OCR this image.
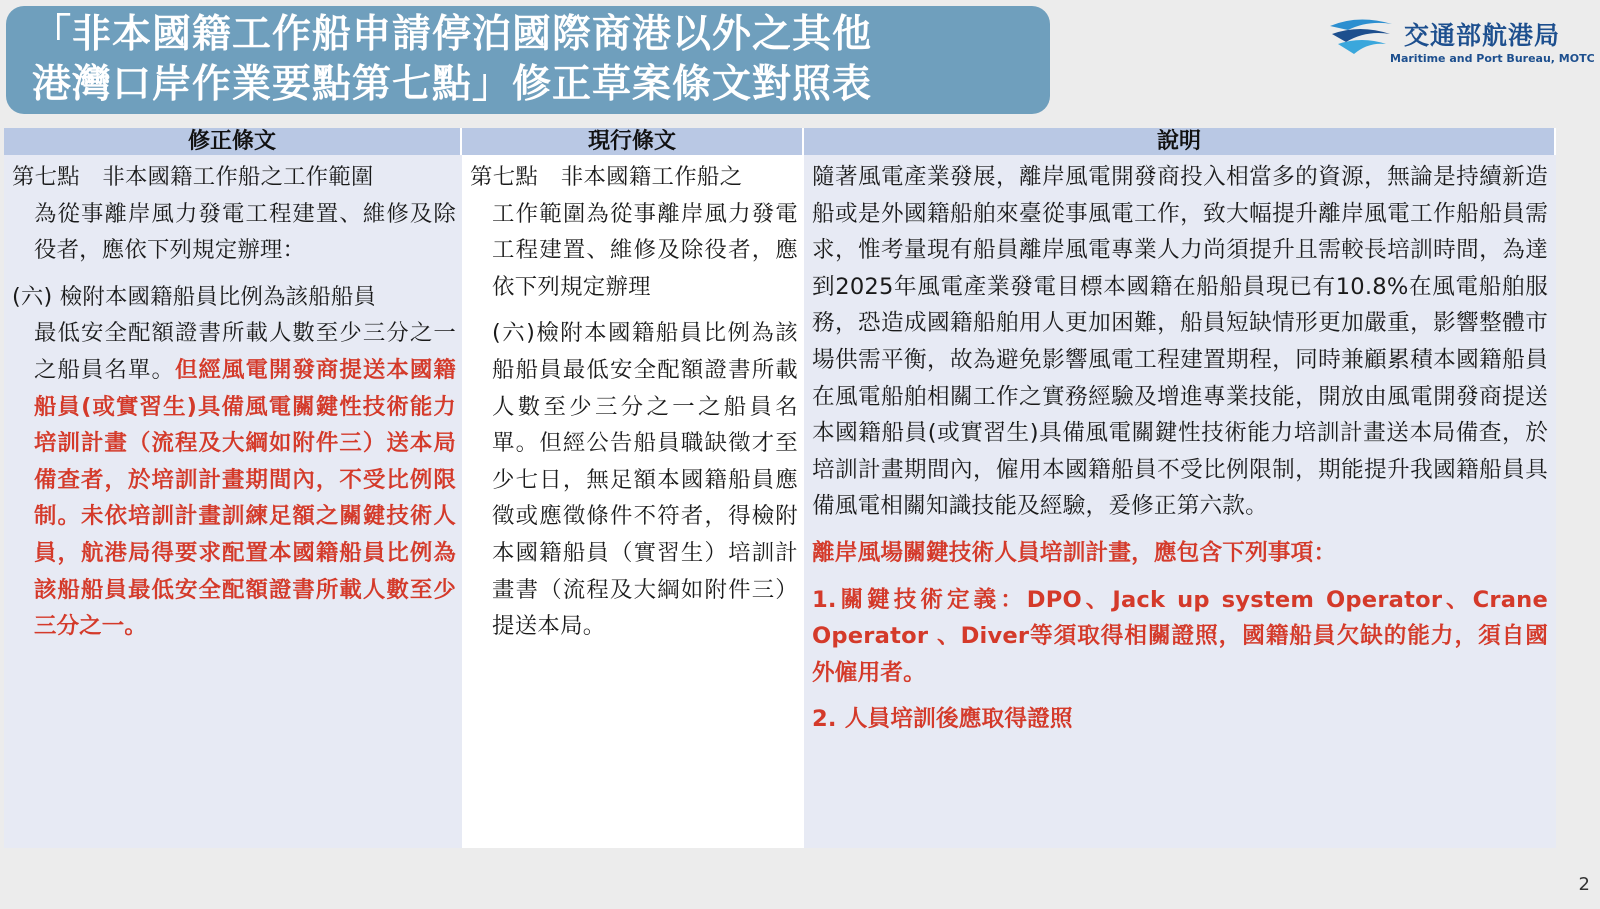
「非本國籍工作船申請停泊國際商港以外之其他
港灣口岸作業要點第七點」修正草案條文對照表
交通部航港局
Maritime and Port Bureau, MOTC
修正條文
第七點　非本國籍工作船之工作範圍
為從事離岸風力發電工程建置、維修及除役者，應依下列規定辦理：
(六) 檢附本國籍船員比例為該船船員
最低安全配額證書所載人數至少三分之一之船員名單。但經風電開發商提送本國籍船員(或實習生)具備風電關鍵性技術能力培訓計畫（流程及大綱如附件三）送本局備查者，於培訓計畫期間內，不受比例限制。未依培訓計畫訓練足額之關鍵技術人員，航港局得要求配置本國籍船員比例為該船船員最低安全配額證書所載人數至少三分之一。
現行條文
第七點　非本國籍工作船之
工作範圍為從事離岸風力發電工程建置、維修及除役者，應依下列規定辦理
(六)檢附本國籍船員比例為該船船員最低安全配額證書所載人數至少三分之一之船員名單。但經公告船員職缺徵才至少七日，無足額本國籍船員應徵或應徵條件不符者，得檢附本國籍船員（實習生）培訓計畫書（流程及大綱如附件三）提送本局。
說明
隨著風電產業發展，離岸風電開發商投入相當多的資源，無論是持續新造船或是外國籍船舶來臺從事風電工作，致大幅提升離岸風電工作船船員需求，惟考量現有船員離岸風電專業人力尚須提升且需較長培訓時間，為達到2025年風電產業發電目標本國籍在船船員現已有10.8%在風電船舶服務，恐造成國籍船舶用人更加困難，船員短缺情形更加嚴重，影響整體市場供需平衡，故為避免影響風電工程建置期程，同時兼顧累積本國籍船員在風電船舶相關工作之實務經驗及增進專業技能，開放由風電開發商提送本國籍船員(或實習生)具備風電關鍵性技術能力培訓計畫送本局備查，於培訓計畫期間內，僱用本國籍船員不受比例限制，期能提升我國籍船員具備風電相關知識技能及經驗，爰修正第六款。
離岸風場關鍵技術人員培訓計畫，應包含下列事項：
1.關鍵技術定義：DPO、Jack up system Operator、Crane Operator 、Diver等須取得相關證照，國籍船員欠缺的能力，須自國外僱用者。
2. 人員培訓後應取得證照
2
